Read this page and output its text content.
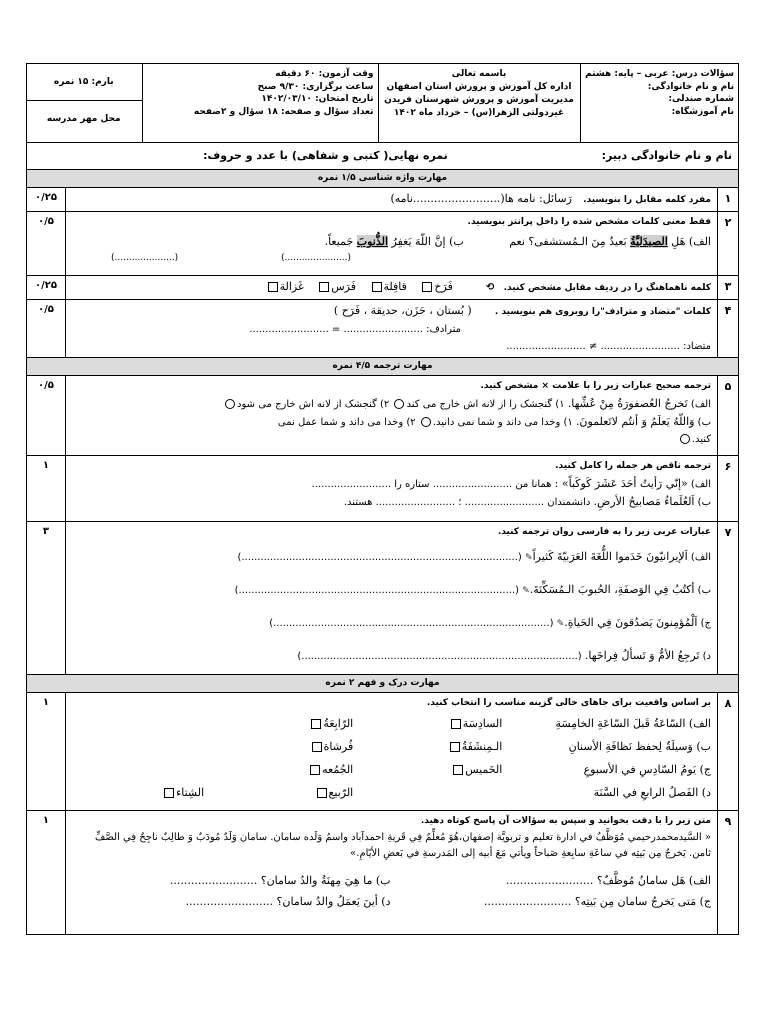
سؤالات درس: عربی – پایه: هشتم
نام و نام خانوادگی:
شماره صندلی:
نام آموزشگاه:

باسمه تعالی
اداره کل آموزش و پرورش استان اصفهان
مدیریت آموزش و پرورش شهرستان فریدن
غیردولتی الزهرا(س) – خرداد ماه ۱۴۰۲

وقت آزمون: ۶۰ دقیقه
ساعت برگزاری: ۹/۳۰ صبح
تاریخ امتحان: ۱۴۰۲/۰۳/۱۰
تعداد سؤال و صفحه: ۱۸ سؤال و ۲صفحه

بارم: ۱۵ نمره
محل مهر مدرسه

نام و نام خانوادگی دبیر: نمره نهایی( کتبی و شفاهی) با عدد و حروف:
مهارت واژه شناسی ۱/۵ نمره
۱	مفرد کلمه مقابل را بنویسید. رَسائل: نامه ها(.........................نامه)	۰/۲۵
۲	
فقط معنی کلمات مشخص شده را داخل پرانتز بنویسید.
الف) هَلِ الصيدَليَّةُ بَعيدٌ مِنَ الـمُستشفى؟ نعم ب) إنَّ اللّهَ يَغفِرُ الذُّنوبَ جَميعاً.
(......................) (.....................)
	۰/۵
۳	کلمه ناهماهنگ را در ردیف مقابل مشخص کنید. ⟲ فَرَخ قافِلة فَرَس غَزالة	۰/۲۵
۴	
کلمات "متضاد و مترادف"را روبروی هم بنویسید . ( بُستان ، حَزَن، حديقة ، فَرَح )
مترادف: ......................... = .........................
متضاد: ......................... ≠ .........................
	۰/۵
مهارت ترجمه ۴/۵ نمره
۵	
ترجمه صحیح عبارات زیر را با علامت × مشخص کنید.
الف) تَخرجُ العُصفورَةُ مِنْ عُشِّها. ۱) گنجشک را از لانه اش خارج می کند ۲) گنجشک از لانه اش خارج می شود
ب) وَاللّهُ يَعلَمُ وَ أنتُم لاتَعلمونَ. ۱) وخدا می داند و شما نمی دانید. ۲) وخدا می داند و شما عمل نمی
کنید.
	۰/۵
۶	
ترجمه ناقص هر جمله را کامل کنید.
الف) «إنّي رَأيتُ أحَدَ عَشَرَ كَوكَباً» : همانا من ......................... ستاره را .........................
ب) اَلعُلَماءُ مَصابيحُ الأرضِ. دانشمندان ......................... ؛ ......................... هستند.
	۱
۷	
عبارات عربی زیر را به فارسی روان ترجمه کنید.
الف) اَلإيرانيّونَ خَدَموا اللُّغَةَ العَرَبيّةَ كَثيراً✎ (.......................................................................................)
ب) أكتُبُ فِي الوَصفَةِ، الحُبوبَ الـمُسَكِّنَةَ.✎ (.......................................................................................)
ج) اَلْمُؤمِنونَ يَصدُقونَ فِي الحَياةِ.✎ (.......................................................................................)
د) تَرجِعُ الأمُّ وَ تَسألُ فِراخَها. (.......................................................................................)
	۳
مهارت درک و فهم ۲ نمره
۸	
بر اساس واقعیت برای جاهای خالی گزینه مناسب را انتخاب کنید.
الف) السّاعَةُ قَبلَ السّاعَةِ الخامِسَةِ
السادِسَة
الرّابِعَةُ
ب) وَسيلَةٌ لِحفظ نَظافَةِ الأسنانِ
الـمِنشَفَةُ
فُرشاة
ج) يَومُ السّادِسِ في الأسبوعِ
الخَميس
الجُمُعه
د) الفَصلُ الرابعِ في السَّنَة
الرّبيع
الشِتاء
	۱
۹	
متن زیر را با دقت بخوانید و سپس به سؤالات آن پاسخ کوتاه دهید.
« السَّيدمحمدرحيمي مُوَظَّفٌ في ادارة تعليم و تربويَّة إصفهان،هُوَ مُعلِّمٌ فِي قَريةِ احمدآباد واسمُ وَلَده سامان. سامان وَلَدٌ مُودَبٌ وَ طالِبٌ ناجِحٌ فِي الصَّفِّ ثامن. يَخرجُ مِن بَيتِه في ساعَةِ سابِعةِ صَباحاً ويأتي مَعَ أبيه إلى المَدرسةِ في بَعضِ الأيّامِ.»
الف) هَل سامانُ مُوظَّفٌ؟ .........................
ب) ما هِيَ مِهنَةُ والدُ سامان؟ .........................
ج) مَتى يَخرجُ سامان مِن بَيتِه؟ .........................
د) أينَ يَعمَلُ والدُ سامان؟ .........................
	۱
